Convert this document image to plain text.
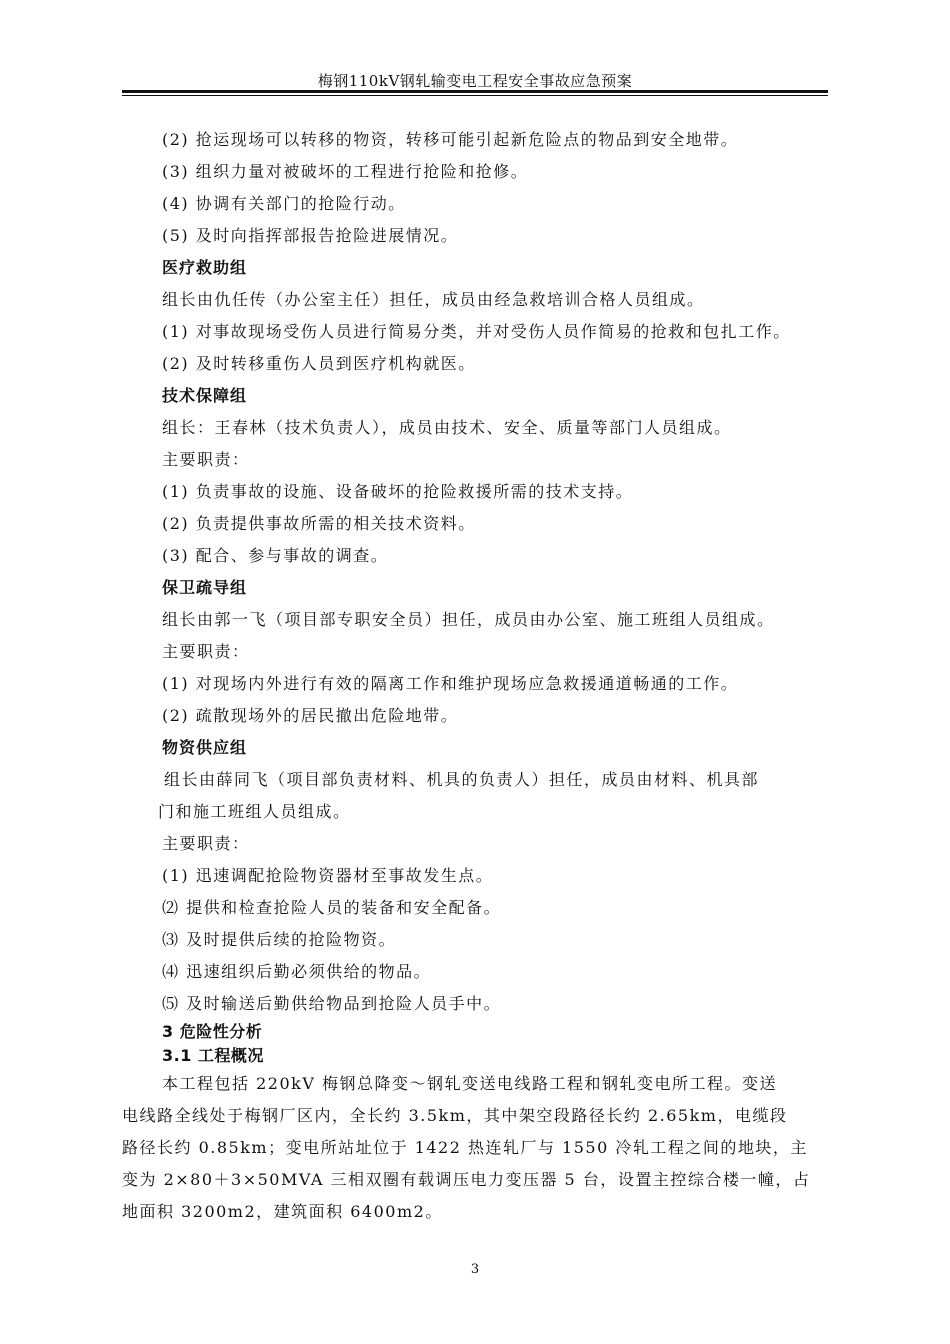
梅钢110kV钢轧输变电工程安全事故应急预案
(2) 抢运现场可以转移的物资，转移可能引起新危险点的物品到安全地带。
(3) 组织力量对被破坏的工程进行抢险和抢修。
(4) 协调有关部门的抢险行动。
(5) 及时向指挥部报告抢险进展情况。
医疗救助组
组长由仇任传（办公室主任）担任，成员由经急救培训合格人员组成。
(1) 对事故现场受伤人员进行简易分类，并对受伤人员作简易的抢救和包扎工作。
(2) 及时转移重伤人员到医疗机构就医。
技术保障组
组长：王春林（技术负责人），成员由技术、安全、质量等部门人员组成。
主要职责：
(1) 负责事故的设施、设备破坏的抢险救援所需的技术支持。
(2) 负责提供事故所需的相关技术资料。
(3) 配合、参与事故的调查。
保卫疏导组
组长由郭一飞（项目部专职安全员）担任，成员由办公室、施工班组人员组成。
主要职责：
(1) 对现场内外进行有效的隔离工作和维护现场应急救援通道畅通的工作。
(2) 疏散现场外的居民撤出危险地带。
物资供应组
组长由薛同飞（项目部负责材料、机具的负责人）担任，成员由材料、机具部
门和施工班组人员组成。
主要职责：
(1) 迅速调配抢险物资器材至事故发生点。
⑵ 提供和检查抢险人员的装备和安全配备。
⑶ 及时提供后续的抢险物资。
⑷ 迅速组织后勤必须供给的物品。
⑸ 及时输送后勤供给物品到抢险人员手中。
3 危险性分析
3.1 工程概况
本工程包括 220kV 梅钢总降变～钢轧变送电线路工程和钢轧变电所工程。变送
电线路全线处于梅钢厂区内，全长约 3.5km，其中架空段路径长约 2.65km，电缆段
路径长约 0.85km；变电所站址位于 1422 热连轧厂与 1550 冷轧工程之间的地块，主
变为 2×80＋3×50MVA 三相双圈有载调压电力变压器 5 台，设置主控综合楼一幢，占
地面积 3200m2，建筑面积 6400m2。
3
